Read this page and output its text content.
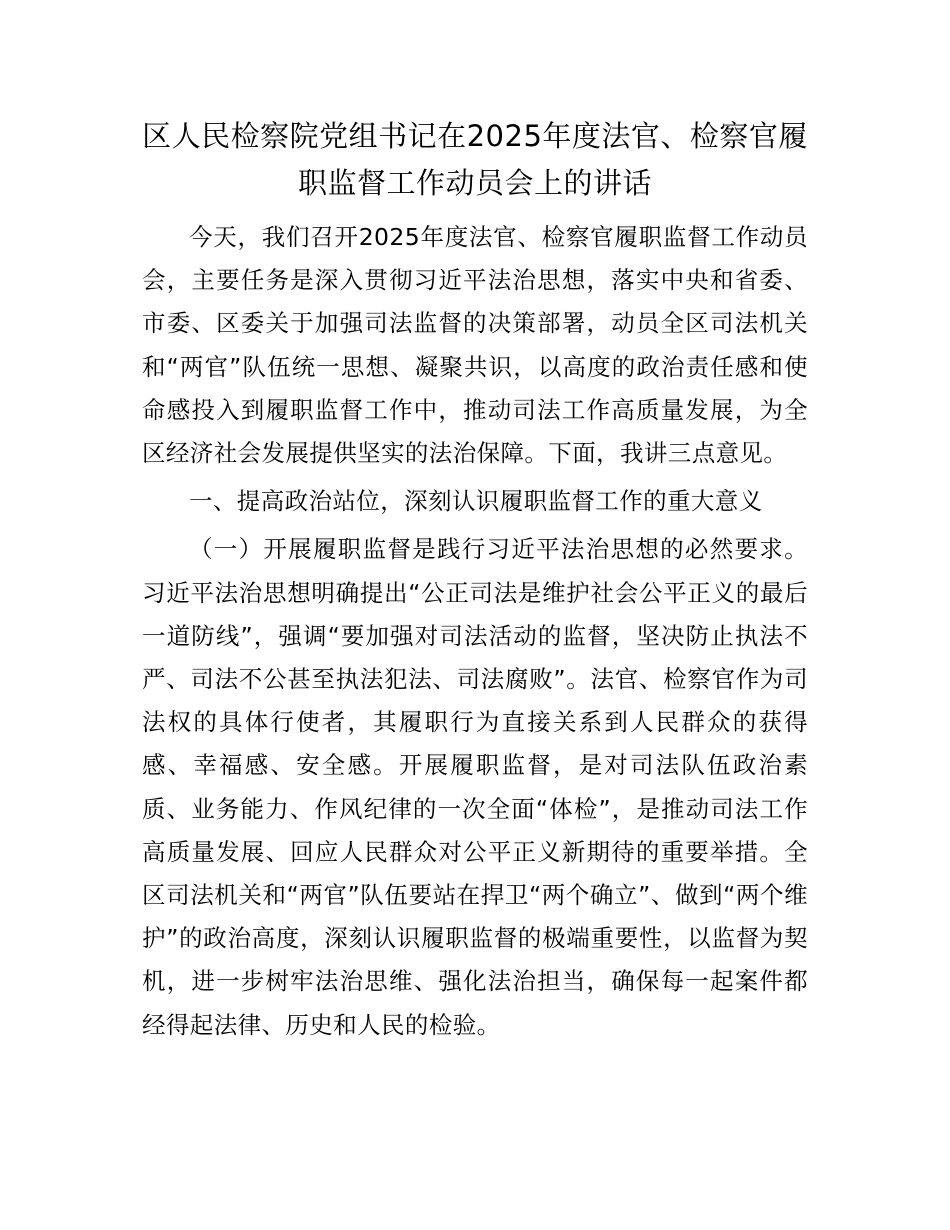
区人民检察院党组书记在2025年度法官、检察官履职监督工作动员会上的讲话

今天，我们召开2025年度法官、检察官履职监督工作动员会，主要任务是深入贯彻习近平法治思想，落实中央和省委、市委、区委关于加强司法监督的决策部署，动员全区司法机关和“两官”队伍统一思想、凝聚共识，以高度的政治责任感和使命感投入到履职监督工作中，推动司法工作高质量发展，为全区经济社会发展提供坚实的法治保障。下面，我讲三点意见。

一、提高政治站位，深刻认识履职监督工作的重大意义

（一）开展履职监督是践行习近平法治思想的必然要求。习近平法治思想明确提出“公正司法是维护社会公平正义的最后一道防线”，强调“要加强对司法活动的监督，坚决防止执法不严、司法不公甚至执法犯法、司法腐败”。法官、检察官作为司法权的具体行使者，其履职行为直接关系到人民群众的获得感、幸福感、安全感。开展履职监督，是对司法队伍政治素质、业务能力、作风纪律的一次全面“体检”，是推动司法工作高质量发展、回应人民群众对公平正义新期待的重要举措。全区司法机关和“两官”队伍要站在捍卫“两个确立”、做到“两个维护”的政治高度，深刻认识履职监督的极端重要性，以监督为契机，进一步树牢法治思维、强化法治担当，确保每一起案件都经得起法律、历史和人民的检验。
